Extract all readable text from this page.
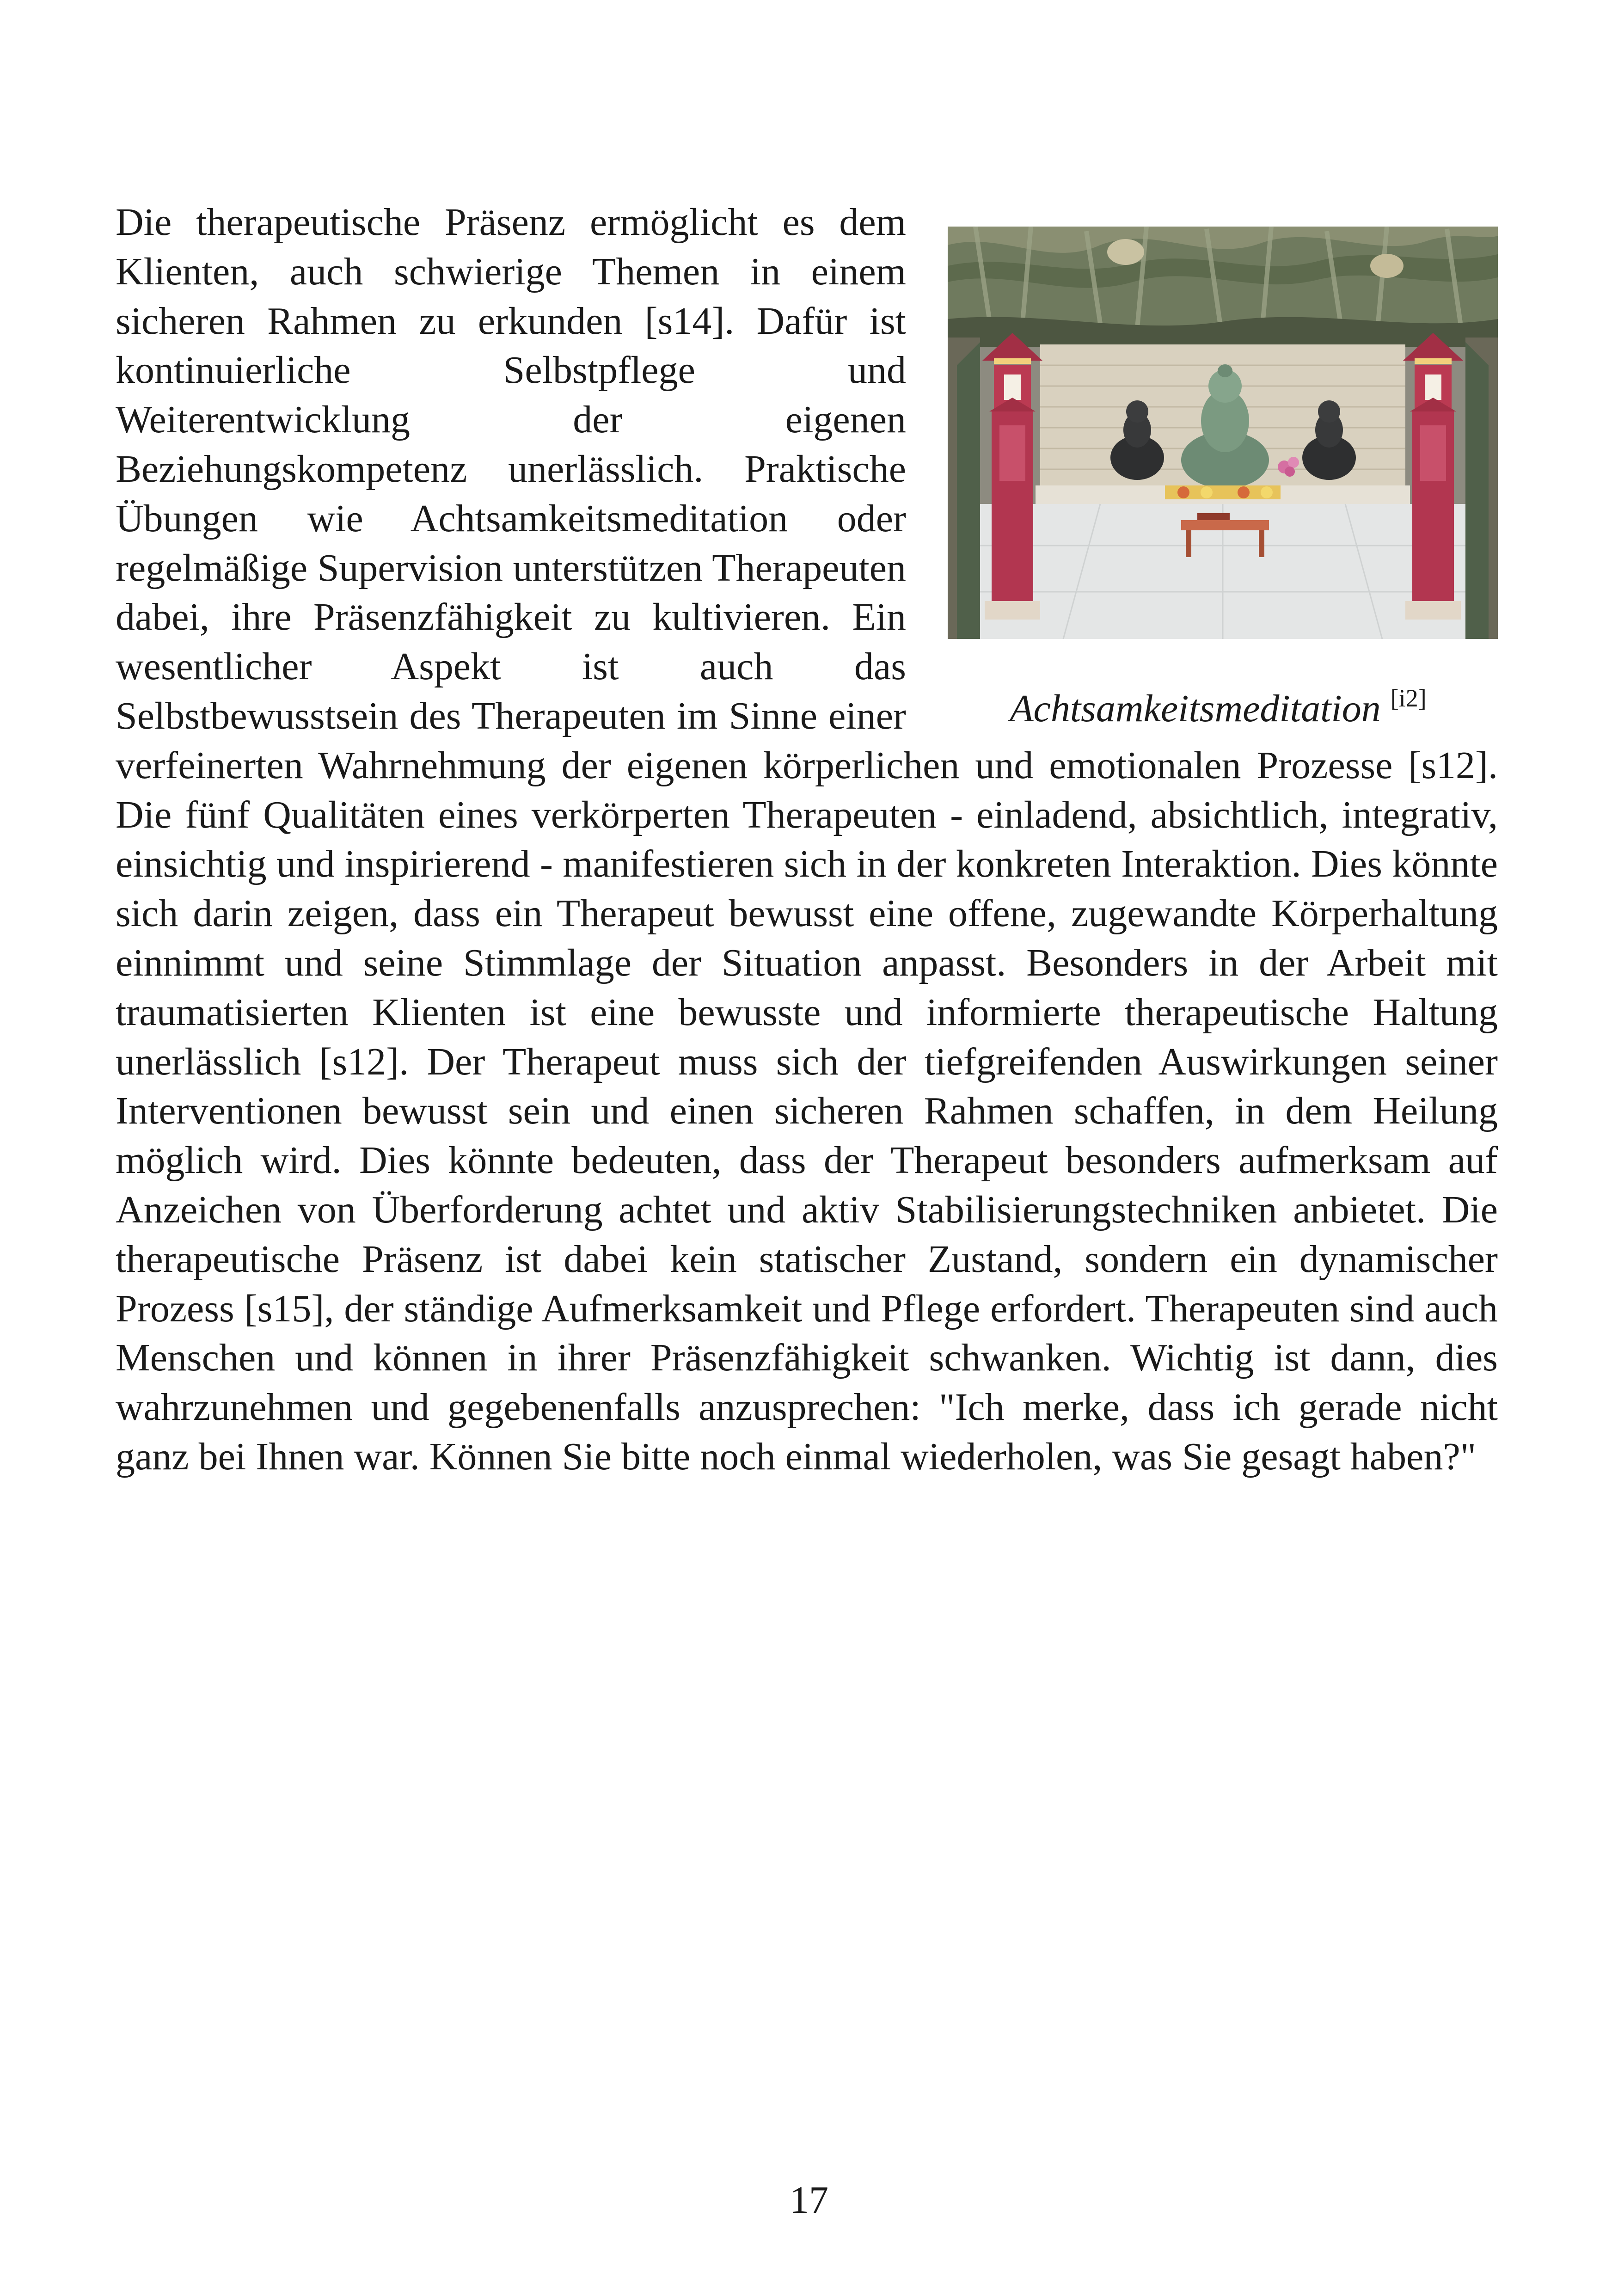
Achtsamkeitsmeditation [i2]
Die therapeutische Präsenz ermöglicht es dem Klienten, auch schwierige Themen in einem sicheren Rahmen zu erkunden [s14]. Dafür ist kontinuierliche Selbstpflege und Weiterentwicklung der eigenen Beziehungskompetenz unerlässlich. Praktische Übungen wie Achtsamkeitsmeditation oder regelmäßige Supervision unterstützen Therapeuten dabei, ihre Präsenzfähigkeit zu kultivieren. Ein wesentlicher Aspekt ist auch das Selbstbewusstsein des Therapeuten im Sinne einer verfeinerten Wahrnehmung der eigenen körperlichen und emotionalen Prozesse [s12]. Die fünf Qualitäten eines verkörperten Therapeuten - einladend, absichtlich, integrativ, einsichtig und inspirierend - manifestieren sich in der konkreten Interaktion. Dies könnte sich darin zeigen, dass ein Therapeut bewusst eine offene, zugewandte Körperhaltung einnimmt und seine Stimmlage der Situation anpasst. Besonders in der Arbeit mit traumatisierten Klienten ist eine bewusste und informierte therapeutische Haltung unerlässlich [s12]. Der Therapeut muss sich der tiefgreifenden Auswirkungen seiner Interventionen bewusst sein und einen sicheren Rahmen schaffen, in dem Heilung möglich wird. Dies könnte bedeuten, dass der Therapeut besonders aufmerksam auf Anzeichen von Überforderung achtet und aktiv Stabilisierungstechniken anbietet. Die therapeutische Präsenz ist dabei kein statischer Zustand, sondern ein dynamischer Prozess [s15], der ständige Aufmerksamkeit und Pflege erfordert. Therapeuten sind auch Menschen und können in ihrer Präsenzfähigkeit schwanken. Wichtig ist dann, dies wahrzunehmen und gegebenenfalls anzusprechen: "Ich merke, dass ich gerade nicht ganz bei Ihnen war. Können Sie bitte noch einmal wiederholen, was Sie gesagt haben?"
17
